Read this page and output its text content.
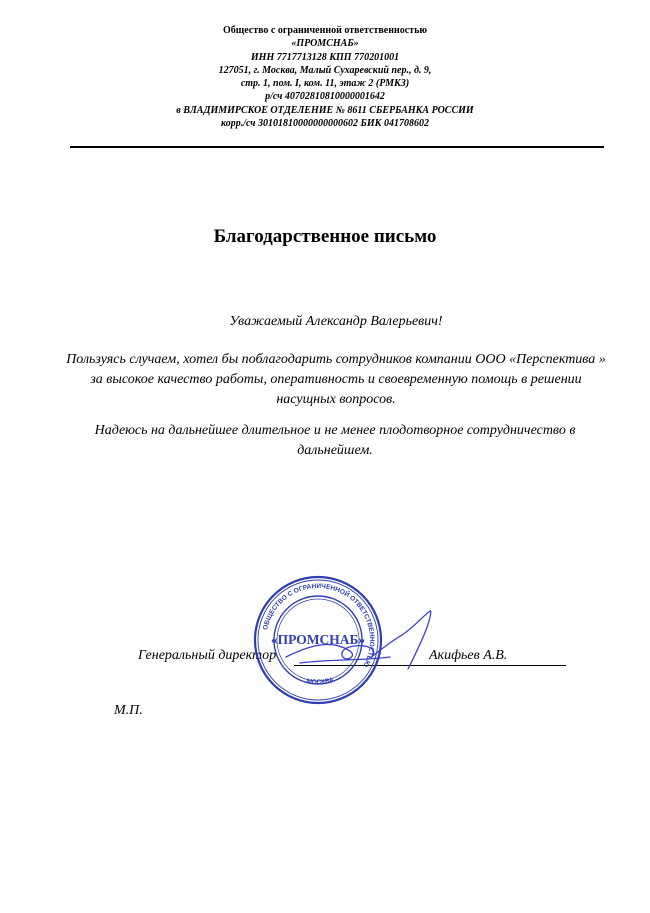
Общество с ограниченной ответственностью
«ПРОМСНАБ»
ИНН 7717713128 КПП 770201001
127051, г. Москва, Малый Сухаревский пер., д. 9,
стр. 1, пом. I, ком. 11, этаж 2 (РМКЗ)
р/сч 40702810810000001642
в ВЛАДИМИРСКОЕ ОТДЕЛЕНИЕ № 8611 СБЕРБАНКА РОССИИ
корр./сч 30101810000000000602 БИК 041708602
Благодарственное письмо
Уважаемый Александр Валерьевич!
Пользуясь случаем, хотел бы поблагодарить сотрудников компании ООО «Перспектива » за высокое качество работы, оперативность и своевременную помощь в решении насущных вопросов.
Надеюсь на дальнейшее длительное и не менее плодотворное сотрудничество в дальнейшем.
Генеральный директор	Акифьев А.В.
М.П.
ОБЩЕСТВО С ОГРАНИЧЕННОЙ ОТВЕТСТВЕННОСТЬЮ
«ПРОМСНАБ»
МОСКВА
